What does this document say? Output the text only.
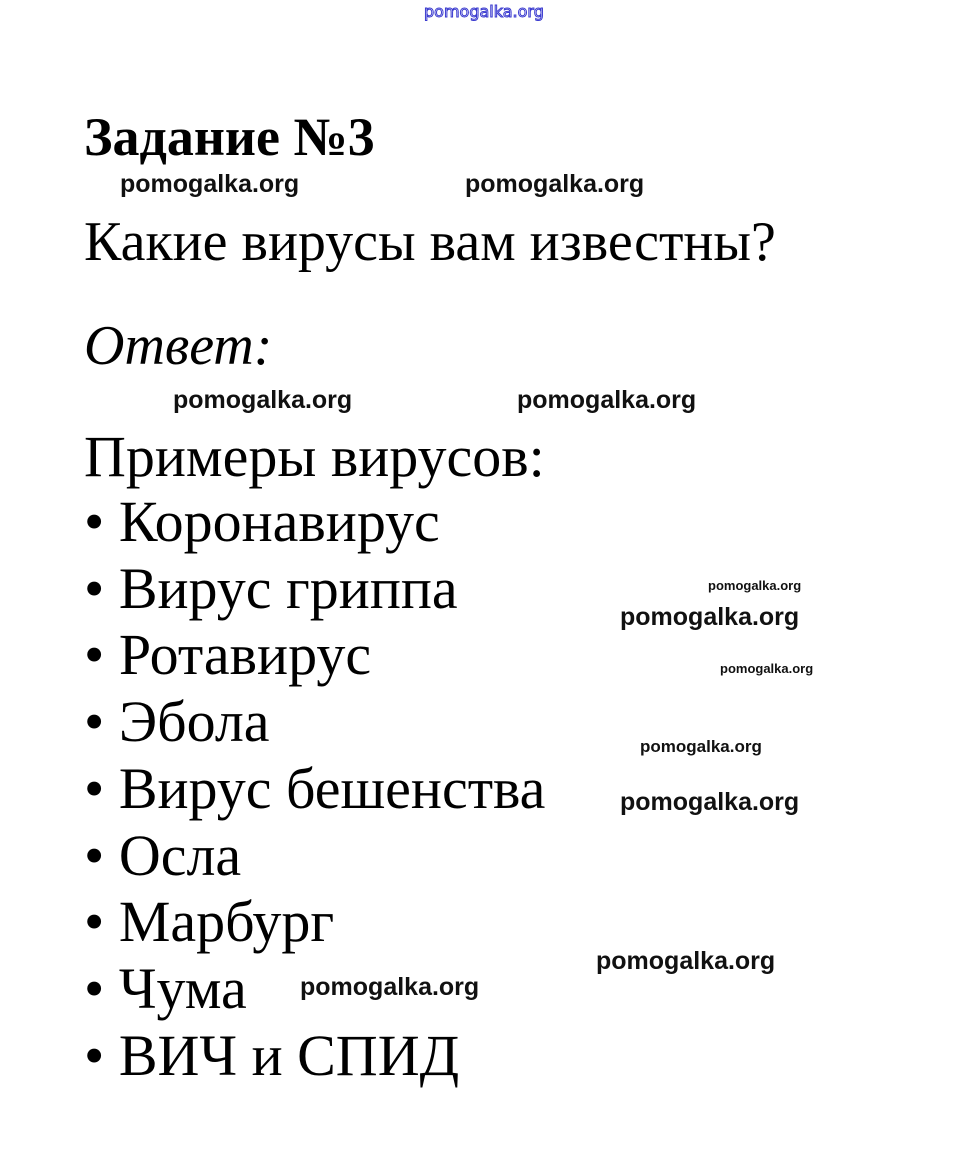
pomogalka.org
Задание №3
Какие вирусы вам известны?
Ответ:
Примеры вирусов:
• Коронавирус
• Вирус гриппа
• Ротавирус
• Эбола
• Вирус бешенства
• Осла
• Марбург
• Чума
• ВИЧ и СПИД
pomogalka.org	pomogalka.org
pomogalka.org	pomogalka.org
pomogalka.org
pomogalka.org
pomogalka.org
pomogalka.org
pomogalka.org
pomogalka.org
pomogalka.org
